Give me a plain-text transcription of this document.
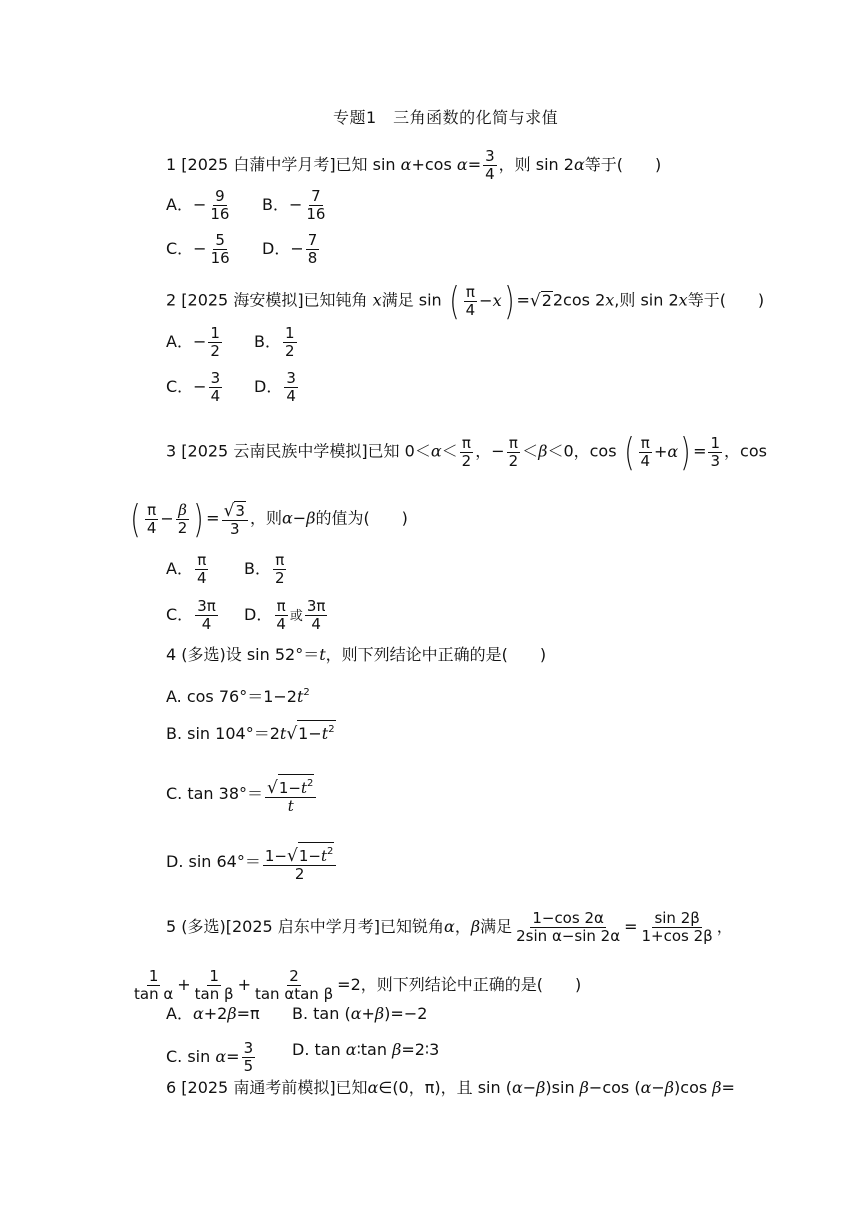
专题1　三角函数的化简与求值
1 [2025 白蒲中学月考]已知 sin α+cos $\alpha= \frac{3}{4}$ ，则 sin 2α等于(　　)
A．− $\frac{9}{16}$ B．− $\frac{7}{16}$
C．− $\frac{5}{16}$ D．− $\frac{7}{8}$
2 [2025 海安模拟]已知钝角 x满足 sin ( $\frac{\pi}{4} - x$ ) = √ 2 2cos 2x,则 sin 2x等于(　　)
A．− $\frac{1}{2}$ B． $\frac{1}{2}$
C．− $\frac{3}{4}$ D． $\frac{3}{4}$
3 [2025 云南民族中学模拟]已知 $0<\alpha< \frac{\pi}{2}$ ，− $\frac{\pi}{2} <\beta<0$，cos ( $\frac{\pi}{4} + \alpha$ ) = $\frac{1}{3}$ ，cos
( $\frac{\pi}{4} - \frac{\beta}{2}$ ) = $\frac{√ 3}{3}$ ，则α−β的值为(　　)
A． $\frac{\pi}{4}$ B． $\frac{\pi}{2}$
C． $\frac{3\pi}{4}$ D． $\frac{\pi}{4}$ 或 $\frac{3\pi}{4}$
4 (多选)设 sin 52°＝t，则下列结论中正确的是(　　)
A. $\cos 76^\circ=1-2t^2$
B. sin 104°＝2t √ $1-t^2$
C. $\tan 38^\circ= \frac{√ 1-t^2}{t}$
D. $\sin 64^\circ= \frac{1- √ 1-t^2}{2}$
5 (多选)[2025 启东中学月考]已知锐角α，β满足 $\frac{1-\cos 2\alpha}{\text{2sin α−sin 2α}} = \frac{\sin 2\beta}{1+\cos 2\beta}$ ，
$\frac{1}{\text{tan α}} + \frac{1}{\text{tan β}} + \frac{2}{\text{tan αtan β}} =2$，则下列结论中正确的是(　　)
A．α+2β=π B. tan (α+β)=−2
C. $\sin \alpha= \frac{3}{5} D$. tan α∶tan β=2∶3
6 [2025 南通考前模拟]已知α∈(0，π)，且 sin (α−β)sin β−cos (α−β)cos β=
